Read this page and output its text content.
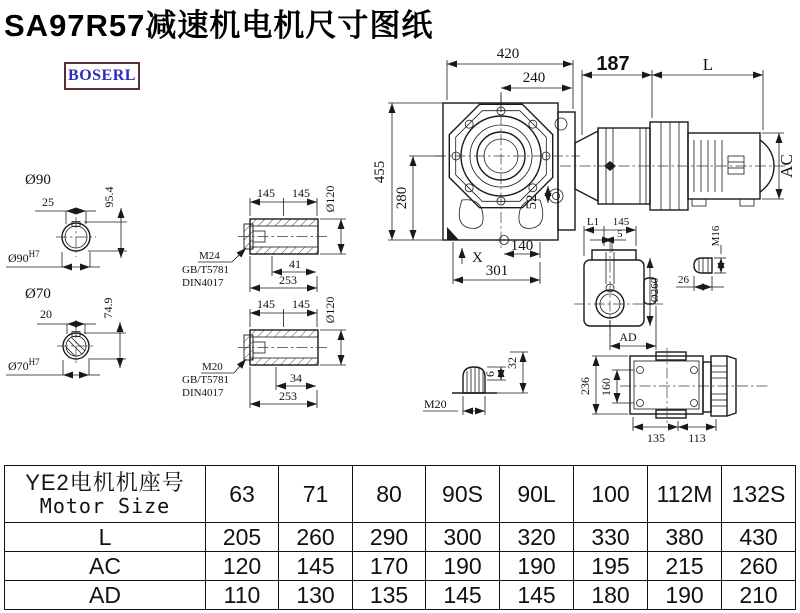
SA97R57减速机电机尺寸图纸
BOSERL
420
240
455
280	52
X
140
301
187	L
AC
Ø90
25	95.4
$Ø90^{H7}$
Ø70
20	74.9
$Ø70^{H7}$
145 145 Ø120
41
253
M24
GB/T5781
DIN4017
145 145 Ø120
34
253
M20
GB/T5781
DIN4017
M20
6
32
L1 145
5
Ø260
AD
M16
26
236 160
135 113
YE2电机机座号
Motor Size	63	71	80	90S	90L	100	112M	132S
L	205	260	290	300	320	330	380	430
AC	120	145	170	190	190	195	215	260
AD	110	130	135	145	145	180	190	210
